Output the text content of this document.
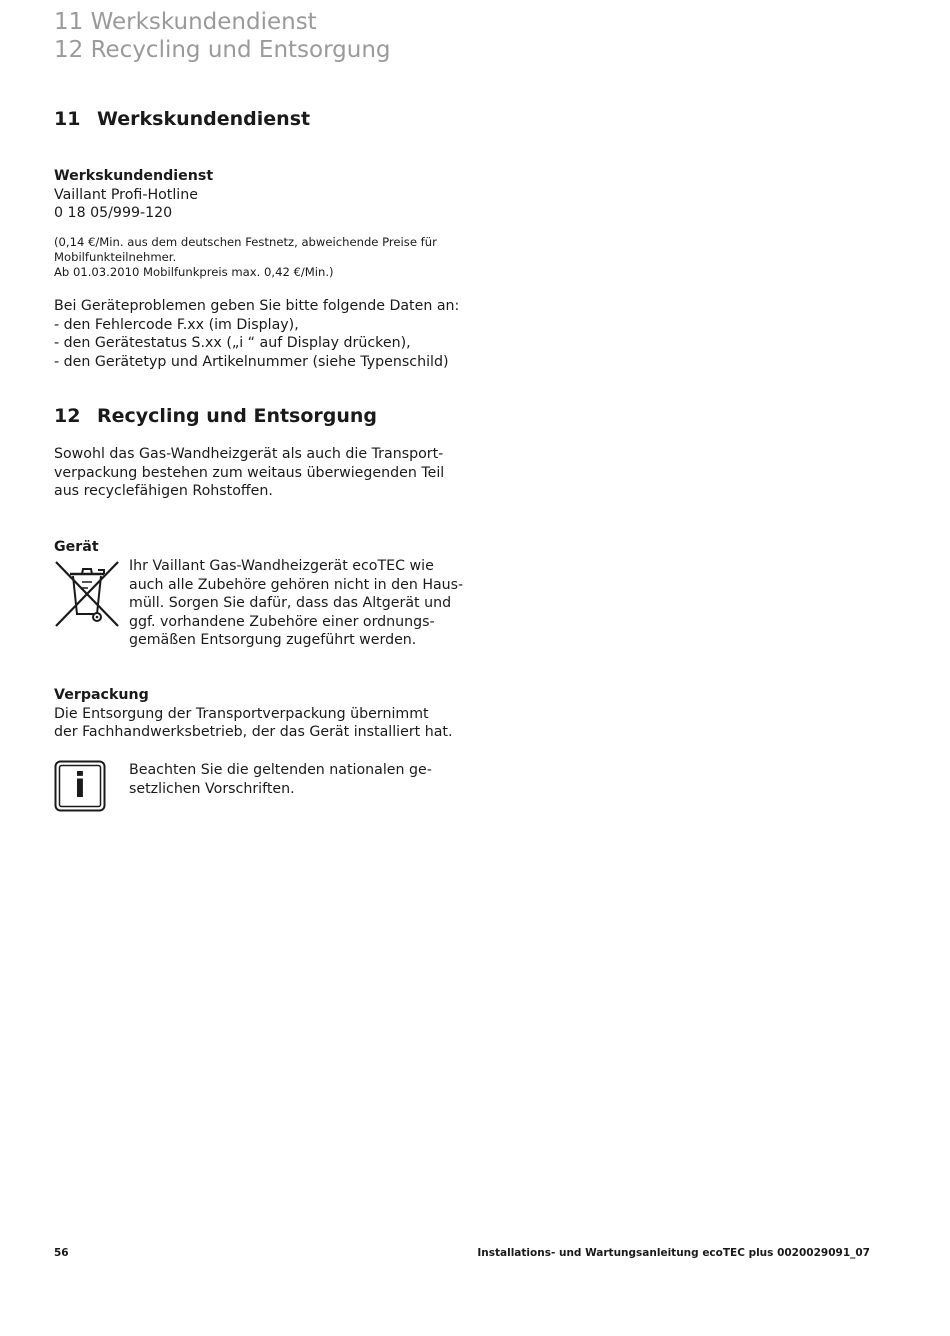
11 Werkskundendienst
12 Recycling und Entsorgung
11 Werkskundendienst
Werkskundendienst
Vaillant Profi-Hotline
0 18 05/999-120
(0,14 €/Min. aus dem deutschen Festnetz, abweichende Preise für
Mobilfunkteilnehmer.
Ab 01.03.2010 Mobilfunkpreis max. 0,42 €/Min.)
Bei Geräteproblemen geben Sie bitte folgende Daten an:
- den Fehlercode F.xx (im Display),
- den Gerätestatus S.xx („i “ auf Display drücken),
- den Gerätetyp und Artikelnummer (siehe Typenschild)
12 Recycling und Entsorgung
Sowohl das Gas-Wandheizgerät als auch die Transport-
verpackung bestehen zum weitaus überwiegenden Teil
aus recyclefähigen Rohstoffen.
Gerät
Ihr Vaillant Gas-Wandheizgerät ecoTEC wie
auch alle Zubehöre gehören nicht in den Haus-
müll. Sorgen Sie dafür, dass das Altgerät und
ggf. vorhandene Zubehöre einer ordnungs-
gemäßen Entsorgung zugeführt werden.
Verpackung
Die Entsorgung der Transportverpackung übernimmt
der Fachhandwerksbetrieb, der das Gerät installiert hat.
i	Beachten Sie die geltenden nationalen ge-
setzlichen Vorschriften.
56	Installations- und Wartungsanleitung ecoTEC plus 0020029091_07
